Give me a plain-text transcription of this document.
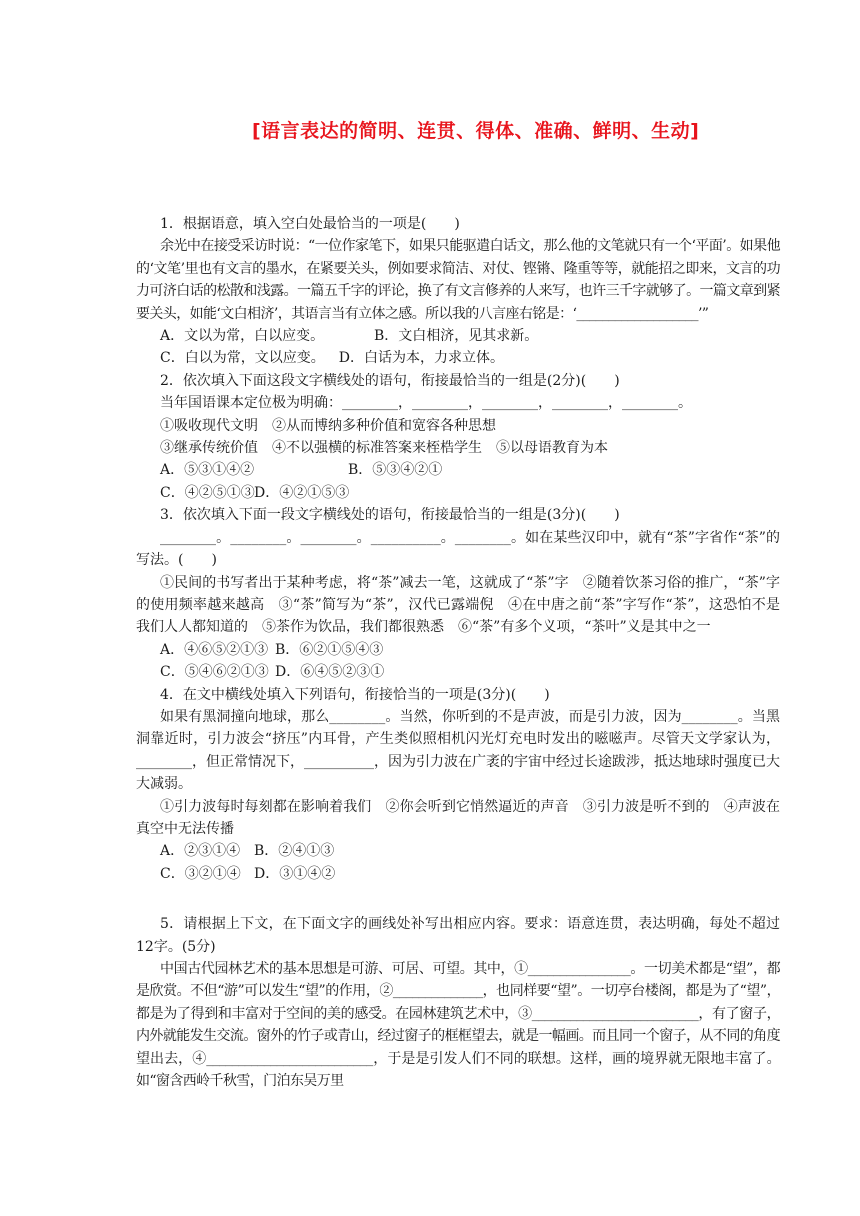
[语言表达的简明、连贯、得体、准确、鲜明、生动]

1．根据语意，填入空白处最恰当的一项是(　　)

余光中在接受采访时说：“一位作家笔下，如果只能驱遣白话文，那么他的文笔就只有一个‘平面’。如果他的‘文笔’里也有文言的墨水，在紧要关头，例如要求简洁、对仗、铿锵、隆重等等，就能招之即来，文言的功力可济白话的松散和浅露。一篇五千字的评论，换了有文言修养的人来写，也许三千字就够了。一篇文章到紧要关头，如能‘文白相济’，其语言当有立体之感。所以我的八言座右铭是：‘___________________’”

A．文以为常，白以应变。	B．文白相济，见其求新。
C．白以为常，文以应变。 D．白话为本，力求立体。

2．依次填入下面这段文字横线处的语句，衔接最恰当的一组是(2分)(　　)

当年国语课本定位极为明确：________，________，________，________，________。

①吸收现代文明　②从而博纳多种价值和宽容各种思想

③继承传统价值　④不以强横的标准答案来桎梏学生　⑤以母语教育为本

A．⑤③①④②	B．⑤③④②①
C．④②⑤①③ D．④②①⑤③

3．依次填入下面一段文字横线处的语句，衔接最恰当的一组是(3分)(　　)

________。________。________。__________。________。如在某些汉印中，就有“茶”字省作“茶”的写法。(　　)

①民间的书写者出于某种考虑，将“茶”减去一笔，这就成了“茶”字　②随着饮茶习俗的推广，“茶”字的使用频率越来越高　③“茶”简写为“茶”，汉代已露端倪　④在中唐之前“茶”字写作“茶”，这恐怕不是我们人人都知道的　⑤茶作为饮品，我们都很熟悉　⑥“茶”有多个义项，“茶叶”义是其中之一

A．④⑥⑤②①③ B．⑥②①⑤④③
C．⑤④⑥②①③ D．⑥④⑤②③①

4．在文中横线处填入下列语句，衔接恰当的一项是(3分)(　　)

如果有黑洞撞向地球，那么________。当然，你听到的不是声波，而是引力波，因为________。当黑洞靠近时，引力波会“挤压”内耳骨，产生类似照相机闪光灯充电时发出的嗞嗞声。尽管天文学家认为，________，但正常情况下，__________，因为引力波在广袤的宇宙中经过长途跋涉，抵达地球时强度已大大减弱。

①引力波每时每刻都在影响着我们　②你会听到它悄然逼近的声音　③引力波是听不到的　④声波在真空中无法传播

A．②③①④ B．②④①③
C．③②①④ D．③①④②

5．请根据上下文，在下面文字的画线处补写出相应内容。要求：语意连贯，表达明确，每处不超过12字。(5分)

中国古代园林艺术的基本思想是可游、可居、可望。其中，①________________。一切美术都是“望”，都是欣赏。不但“游”可以发生“望”的作用，②______________，也同样要“望”。一切亭台楼阁，都是为了“望”，都是为了得到和丰富对于空间的美的感受。在园林建筑艺术中，③__________________________，有了窗子，内外就能发生交流。窗外的竹子或青山，经过窗子的框框望去，就是一幅画。而且同一个窗子，从不同的角度望出去，④__________________________，于是是引发人们不同的联想。这样，画的境界就无限地丰富了。如“窗含西岭千秋雪，门泊东吴万里
